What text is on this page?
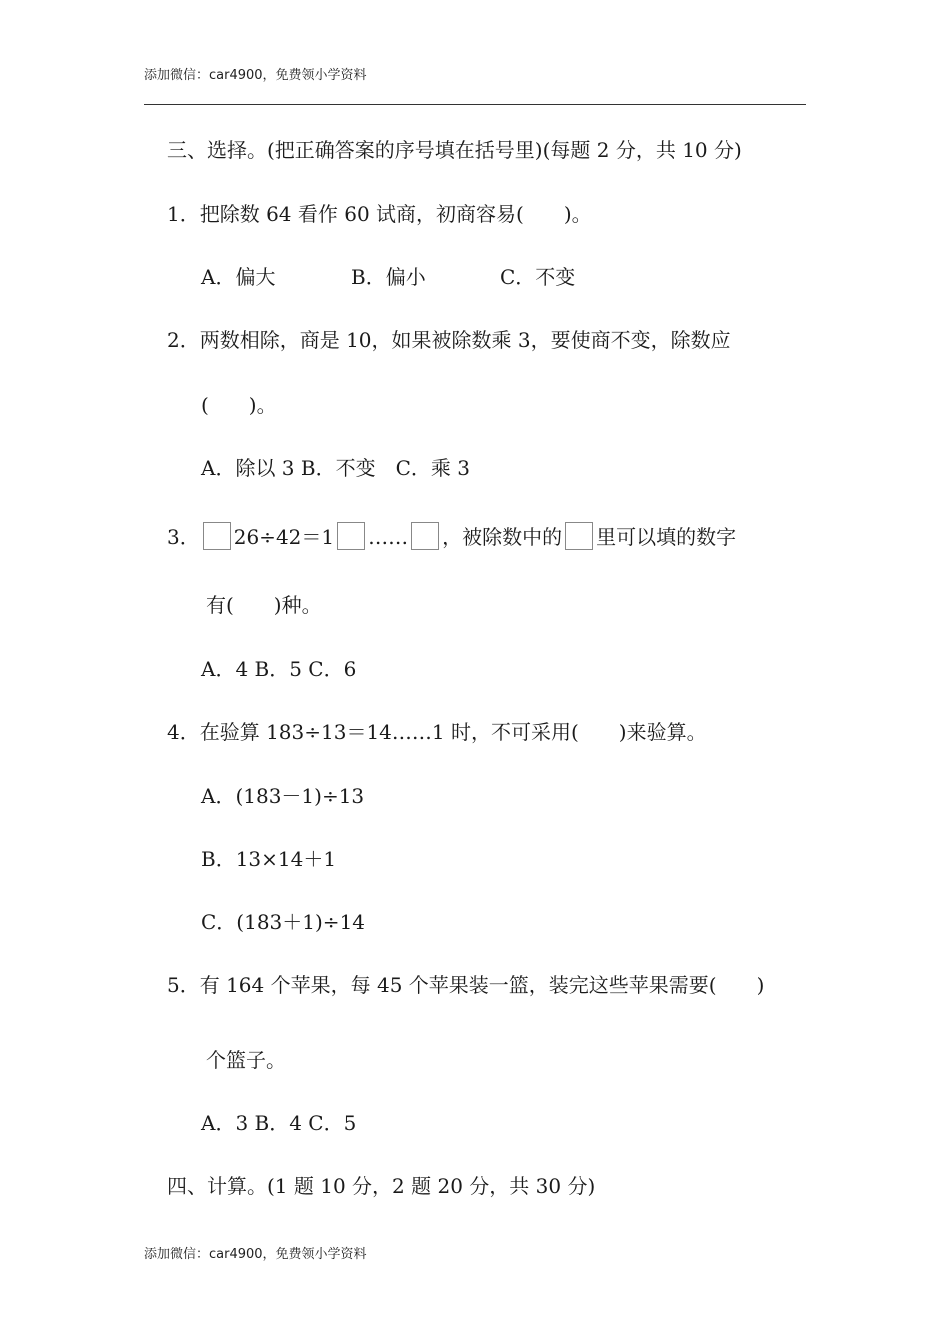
添加微信：car4900，免费领小学资料
三、选择。(把正确答案的序号填在括号里)(每题 2 分，共 10 分)
1．把除数 64 看作 60 试商，初商容易(　　)。
A．偏大	B．偏小	C．不变
2．两数相除，商是 10，如果被除数乘 3，要使商不变，除数应
(　　)。
A．除以 3 B．不变　C．乘 3
3． 26÷42＝1 …… ，被除数中的 里可以填的数字
有(　　)种。
A．4 B．5 C．6
4．在验算 183÷13＝14……1 时，不可采用(　　)来验算。
A．(183－1)÷13
B．13×14＋1
C．(183＋1)÷14
5．有 164 个苹果，每 45 个苹果装一篮，装完这些苹果需要(　　)
个篮子。
A．3 B．4 C．5
四、计算。(1 题 10 分，2 题 20 分，共 30 分)
添加微信：car4900，免费领小学资料
